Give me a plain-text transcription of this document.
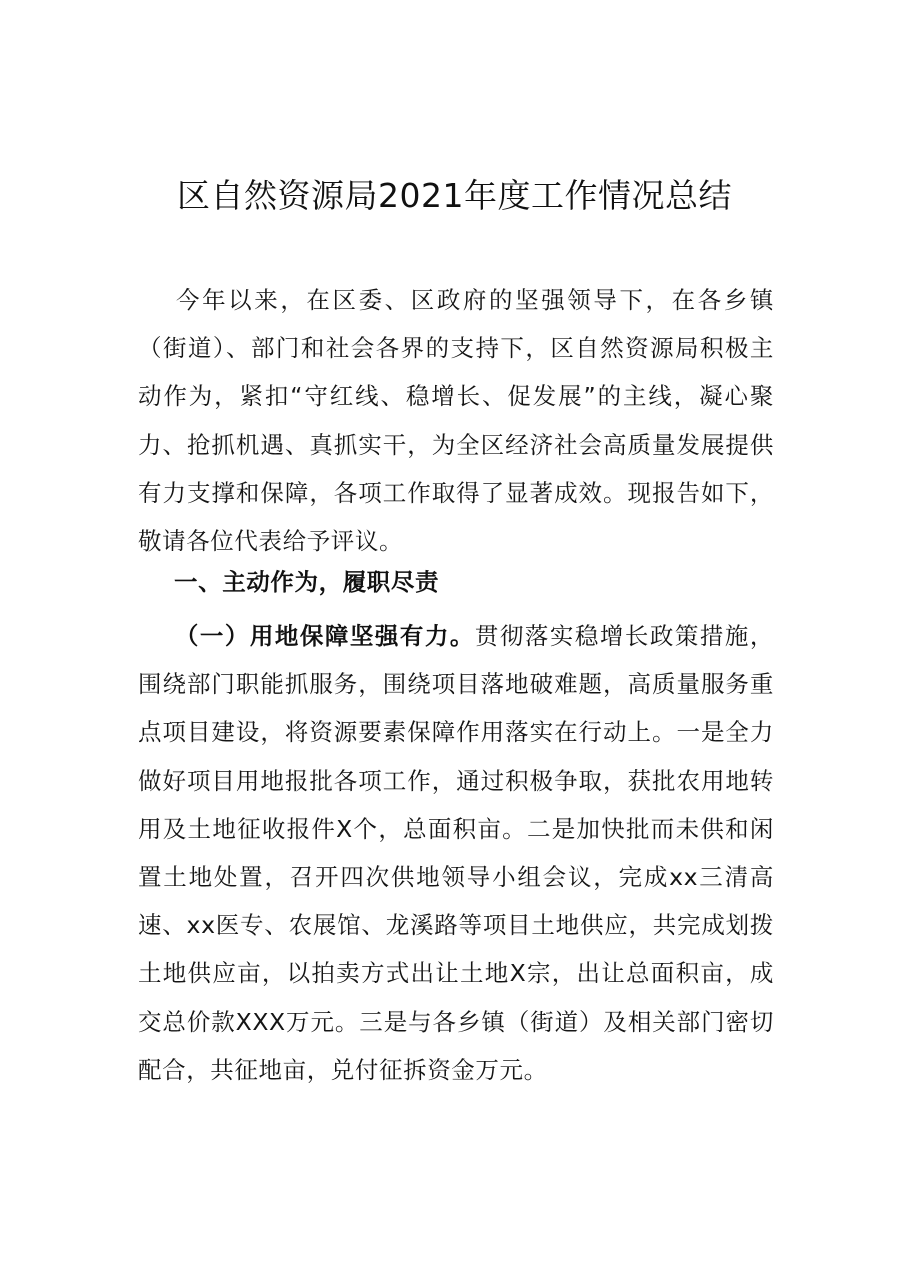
区自然资源局2021年度工作情况总结
今年以来，在区委、区政府的坚强领导下，在各乡镇（街道）、部门和社会各界的支持下，区自然资源局积极主动作为，紧扣“守红线、稳增长、促发展”的主线，凝心聚力、抢抓机遇、真抓实干，为全区经济社会高质量发展提供有力支撑和保障，各项工作取得了显著成效。现报告如下，敬请各位代表给予评议。
一、主动作为，履职尽责
（一）用地保障坚强有力。贯彻落实稳增长政策措施，围绕部门职能抓服务，围绕项目落地破难题，高质量服务重点项目建设，将资源要素保障作用落实在行动上。一是全力做好项目用地报批各项工作，通过积极争取，获批农用地转用及土地征收报件X个，总面积亩。二是加快批而未供和闲置土地处置，召开四次供地领导小组会议，完成xx三清高速、xx医专、农展馆、龙溪路等项目土地供应，共完成划拨土地供应亩，以拍卖方式出让土地X宗，出让总面积亩，成交总价款XXX万元。三是与各乡镇（街道）及相关部门密切配合，共征地亩，兑付征拆资金万元。
